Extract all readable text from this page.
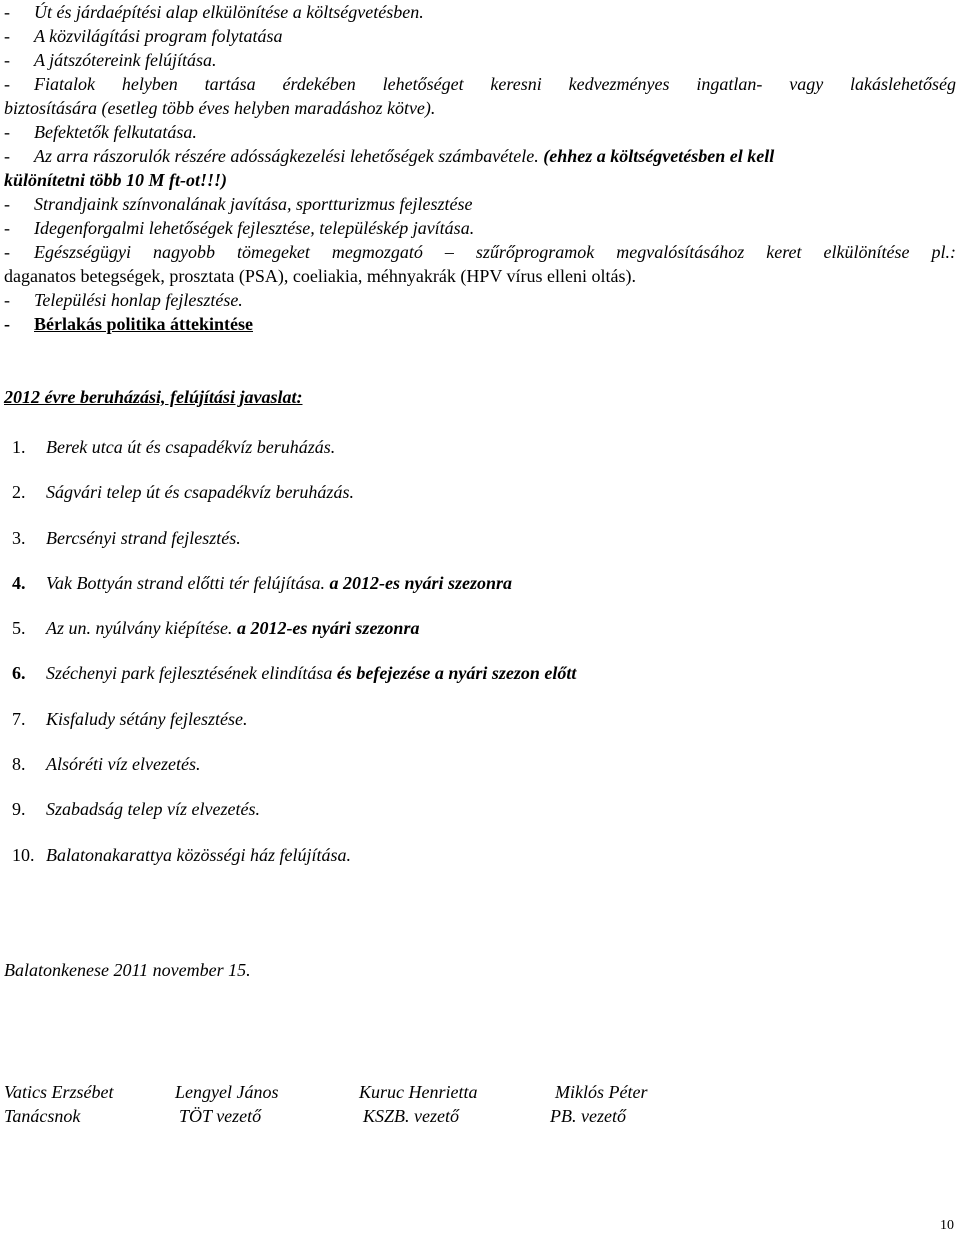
- Út és járdaépítési alap elkülönítése a költségvetésben.
- A közvilágítási program folytatása
- A játszótereink felújítása.
- Fiatalok helyben tartása érdekében lehetőséget keresni kedvezményes ingatlan- vagy lakáslehetőség
biztosítására (esetleg több éves helyben maradáshoz kötve).
- Befektetők felkutatása.
- Az arra rászorulók részére adósságkezelési lehetőségek számbavétele. (ehhez a költségvetésben el kell
különítetni több 10 M ft-ot!!!)
- Strandjaink színvonalának javítása, sportturizmus fejlesztése
- Idegenforgalmi lehetőségek fejlesztése, településkép javítása.
- Egészségügyi nagyobb tömegeket megmozgató – szűrőprogramok megvalósításához keret elkülönítése pl.:
daganatos betegségek, prosztata (PSA), coeliakia, méhnyakrák (HPV vírus elleni oltás).
- Települési honlap fejlesztése.
- Bérlakás politika áttekintése
2012 évre beruházási, felújítási javaslat:
1.	Berek utca út és csapadékvíz beruházás.
2.	Ságvári telep út és csapadékvíz beruházás.
3.	Bercsényi strand fejlesztés.
4.	Vak Bottyán strand előtti tér felújítása. a 2012-es nyári szezonra
5.	Az un. nyúlvány kiépítése. a 2012-es nyári szezonra
6.	Széchenyi park fejlesztésének elindítása és befejezése a nyári szezon előtt
7.	Kisfaludy sétány fejlesztése.
8.	Alsóréti víz elvezetés.
9.	Szabadság telep víz elvezetés.
10. Balatonakarattya közösségi ház felújítása.
Balatonkenese 2011 november 15.
Vatics Erzsébet	Lengyel János	Kuruc Henrietta	Miklós Péter
Tanácsnok	TÖT vezető	KSZB. vezető	PB. vezető
10
